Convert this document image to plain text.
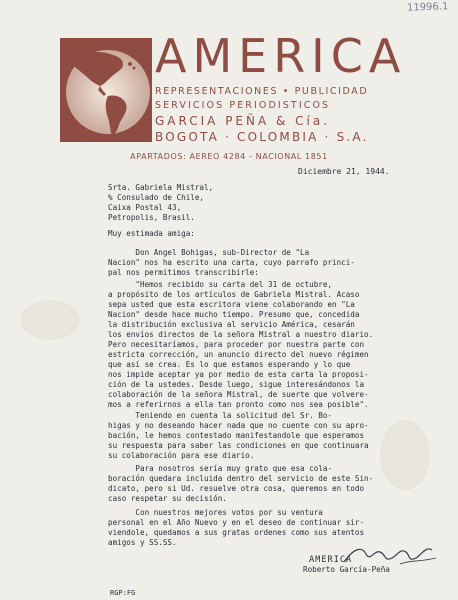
11996.1
AMERICA
REPRESENTACIONES • PUBLICIDAD
SERVICIOS PERIODISTICOS
GARCIA PEÑA & Cía.
BOGOTA · COLOMBIA · S.A.
APARTADOS: AEREO 4284 - NACIONAL 1851
Diciembre 21, 1944.
Srta. Gabriela Mistral,
% Consulado de Chile,
Caixa Postal 43,
Petropolis, Brasil.
Muy estimada amiga:
Don Angel Bohigas, sub-Director de "La
Nacion" nos ha escrito una carta, cuyo parrafo princi-
pal nos permitimos transcribirle:
"Hemos recibido su carta del 31 de octubre,
a propósito de los artículos de Gabriela Mistral. Acaso
sepa usted que esta escritora viene colaborando en "La
Nacion" desde hace mucho tiempo. Presumo que, concedida
la distribución exclusiva al servicio América, cesarán
los envíos directos de la señora Mistral a nuestro diario.
Pero necesitaríamos, para proceder por nuestra parte con
estricta corrección, un anuncio directo del nuevo régimen
que así se crea. Es lo que estamos esperando y lo que
nos impide aceptar ya por medio de esta carta la proposi-
ción de la ustedes. Desde luego, sigue interesándonos la
colaboración de la señora Mistral, de suerte que volvere-
mos a referirnos a ella tan pronto como nos sea posible".
Teniendo en cuenta la solicitud del Sr. Bo-
higas y no deseando hacer nada que no cuente con su apro-
bación, le hemos contestado manifestandole que esperamos
su respuesta para saber las condiciones en que continuara
su colaboración para ese diario.
Para nosotros sería muy grato que esa cola-
boración quedara incluida dentro del servicio de este Sin-
dicato, pero si Ud. resuelve otra cosa, queremos en todo
caso respetar su decisión.
Con nuestros mejores votos por su ventura
personal en el Año Nuevo y en el deseo de continuar sir-
viendole, quedamos a sus gratas ordenes como sus atentos
amigos y SS.SS.
AMERICA
Roberto García-Peña
RGP:FG
